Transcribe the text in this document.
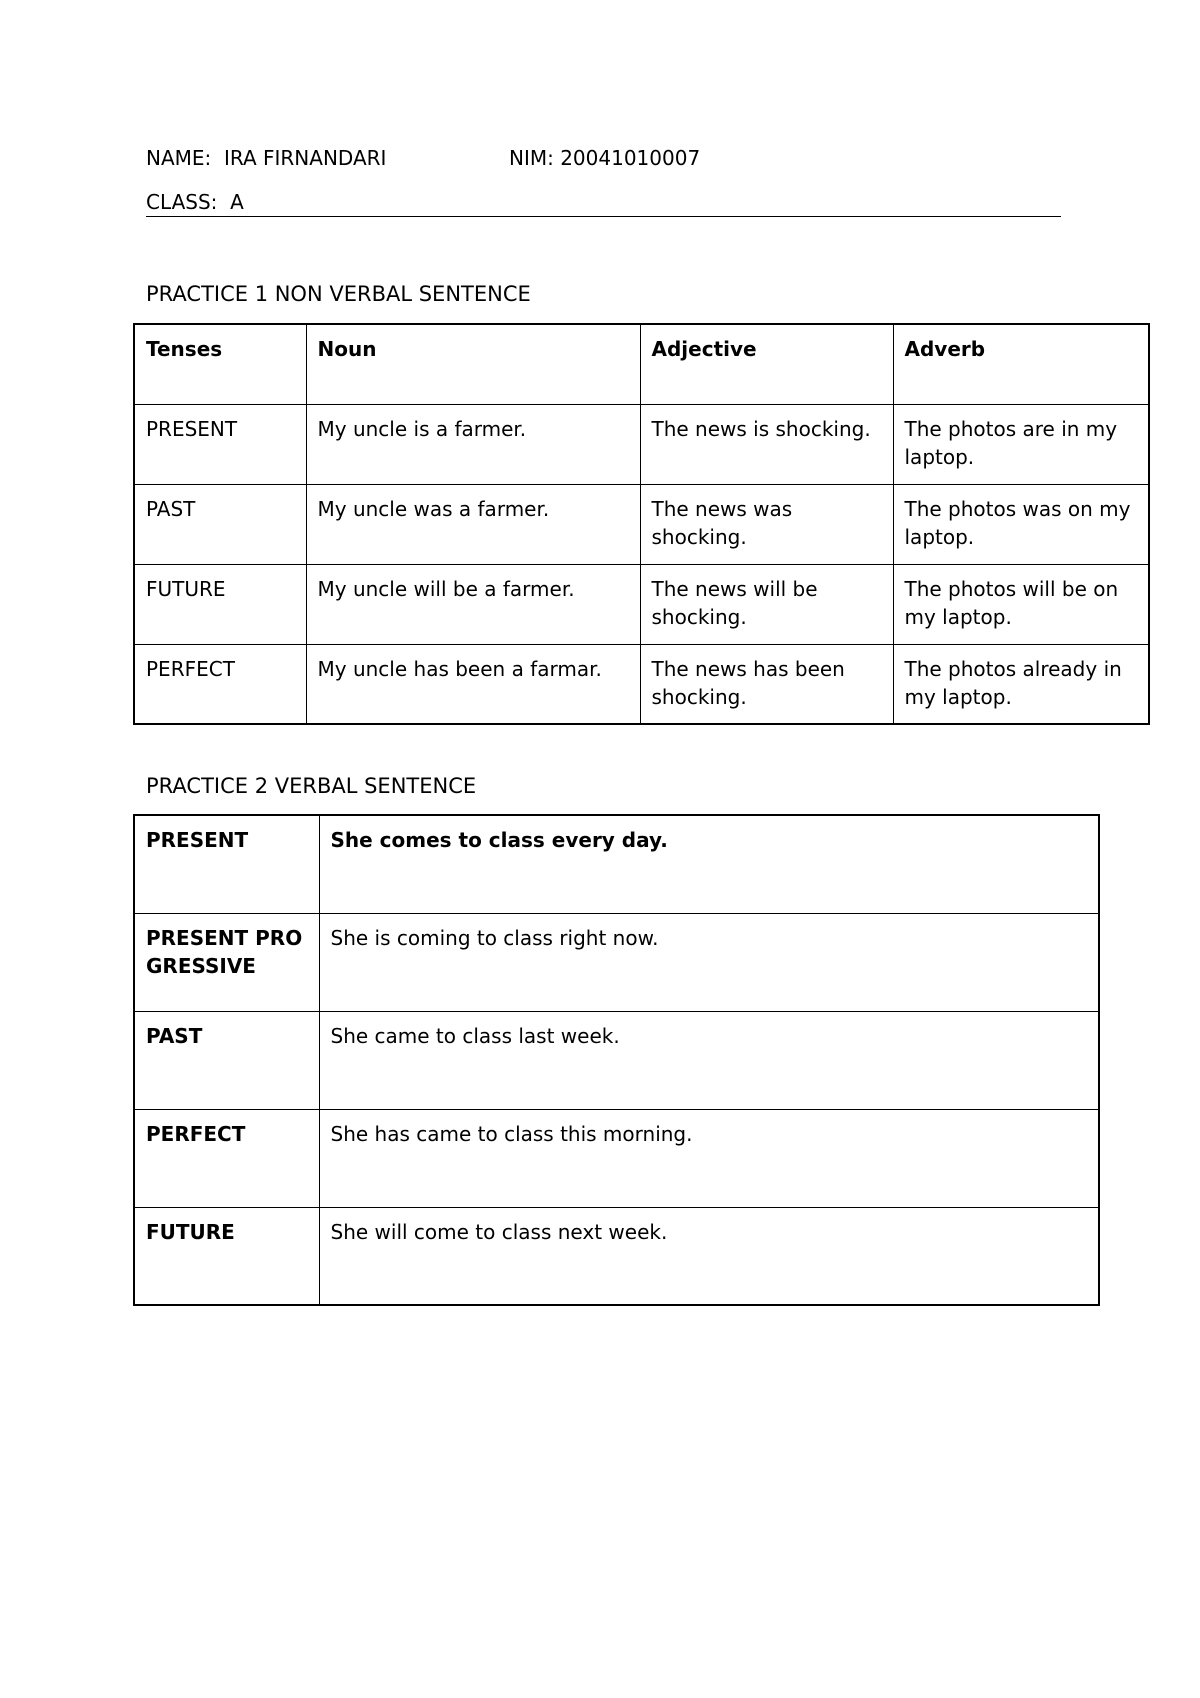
NAME:  IRA FIRNANDARI	NIM: 20041010007
CLASS:  A
PRACTICE 1 NON VERBAL SENTENCE
Tenses	Noun	Adjective	Adverb
PRESENT	My uncle is a farmer.	The news is shocking.	The photos are in my laptop.
PAST	My uncle was a farmer.	The news was shocking.	The photos was on my laptop.
FUTURE	My uncle will be a farmer.	The news will be shocking.	The photos will be on my laptop.
PERFECT	My uncle has been a farmar.	The news has been shocking.	The photos already in my laptop.
PRACTICE 2 VERBAL SENTENCE
PRESENT	She comes to class every day.
PRESENT PROGRESSIVE	She is coming to class right now.
PAST	She came to class last week.
PERFECT	She has came to class this morning.
FUTURE	She will come to class next week.
